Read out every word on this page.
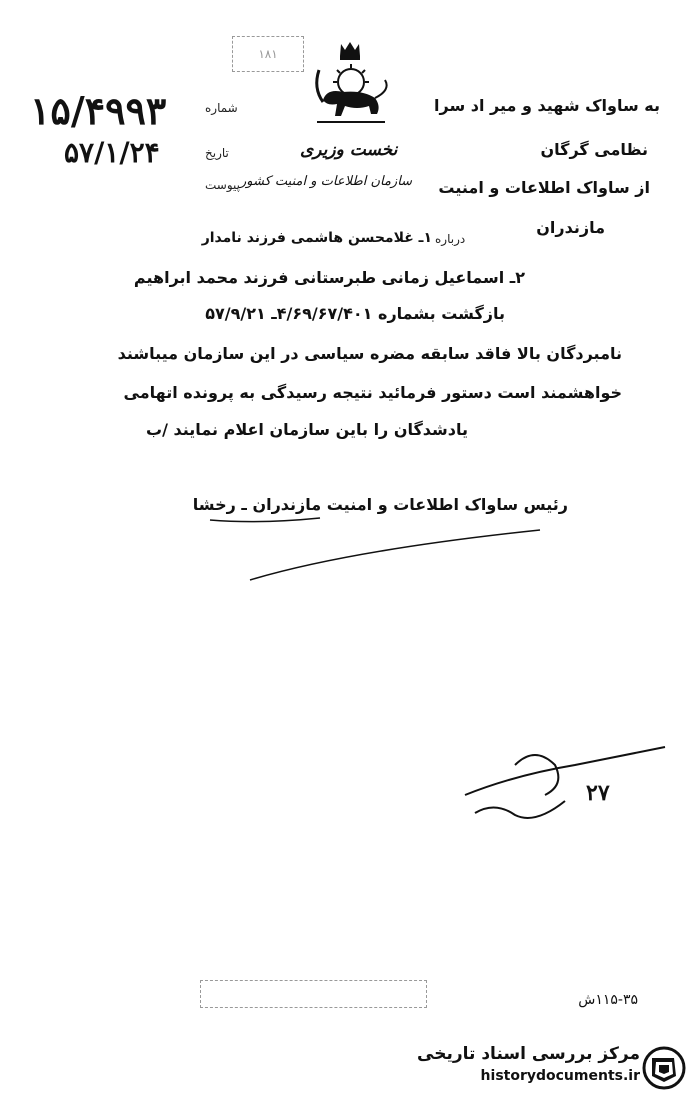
۱۸۱
۱۵/۴۹۹۳	شماره
۵۷/۱/۲۴	تاریخ
پیوست
به ساواک شهید و میر اد سرا
نظامی گرگان
نخست وزیری
سازمان اطلاعات و امنیت کشور از ساواک اطلاعات و امنیت
مازندران
درباره
۱ـ غلامحسن هاشمی فرزند نامدار
۲ـ اسماعیل زمانی طبرستانی فرزند محمد ابراهیم
بازگشت بشماره ۴/۶۹/۶۷/۴۰۱ـ ۵۷/۹/۲۱
نامبردگان بالا فاقد سابقه مضره سیاسی در این سازمان میباشند
خواهشمند است دستور فرمائید نتیجه رسیدگی به پرونده اتهامی
یادشدگان را باین سازمان اعلام نمایند /ب
رئیس ساواک اطلاعات و امنیت مازندران ـ رخشا
۲۷
۱۱۵-۳۵ش
مرکز بررسی اسناد تاریخی
historydocuments.ir
